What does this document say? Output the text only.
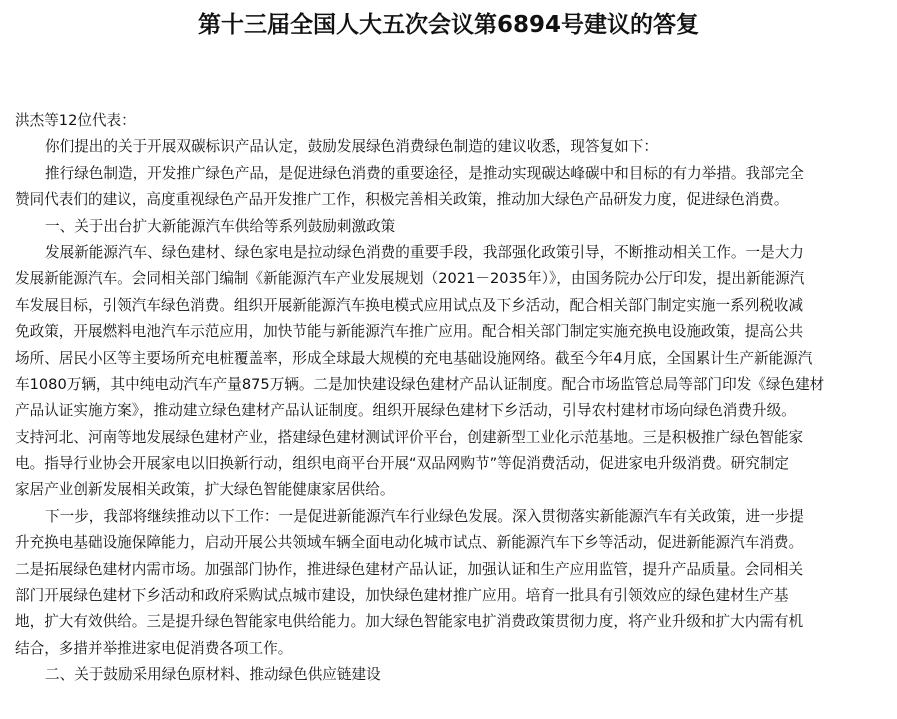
第十三届全国人大五次会议第6894号建议的答复
洪杰等12位代表：
你们提出的关于开展双碳标识产品认定，鼓励发展绿色消费绿色制造的建议收悉，现答复如下：
推行绿色制造，开发推广绿色产品，是促进绿色消费的重要途径，是推动实现碳达峰碳中和目标的有力举措。我部完全
赞同代表们的建议，高度重视绿色产品开发推广工作，积极完善相关政策，推动加大绿色产品研发力度，促进绿色消费。
一、关于出台扩大新能源汽车供给等系列鼓励刺激政策
发展新能源汽车、绿色建材、绿色家电是拉动绿色消费的重要手段，我部强化政策引导，不断推动相关工作。一是大力
发展新能源汽车。会同相关部门编制《新能源汽车产业发展规划（2021－2035年）》，由国务院办公厅印发，提出新能源汽
车发展目标，引领汽车绿色消费。组织开展新能源汽车换电模式应用试点及下乡活动，配合相关部门制定实施一系列税收减
免政策，开展燃料电池汽车示范应用，加快节能与新能源汽车推广应用。配合相关部门制定实施充换电设施政策，提高公共
场所、居民小区等主要场所充电桩覆盖率，形成全球最大规模的充电基础设施网络。截至今年4月底，全国累计生产新能源汽
车1080万辆，其中纯电动汽车产量875万辆。二是加快建设绿色建材产品认证制度。配合市场监管总局等部门印发《绿色建材
产品认证实施方案》，推动建立绿色建材产品认证制度。组织开展绿色建材下乡活动，引导农村建材市场向绿色消费升级。
支持河北、河南等地发展绿色建材产业，搭建绿色建材测试评价平台，创建新型工业化示范基地。三是积极推广绿色智能家
电。指导行业协会开展家电以旧换新行动，组织电商平台开展“双品网购节”等促消费活动，促进家电升级消费。研究制定
家居产业创新发展相关政策，扩大绿色智能健康家居供给。
下一步，我部将继续推动以下工作：一是促进新能源汽车行业绿色发展。深入贯彻落实新能源汽车有关政策，进一步提
升充换电基础设施保障能力，启动开展公共领域车辆全面电动化城市试点、新能源汽车下乡等活动，促进新能源汽车消费。
二是拓展绿色建材内需市场。加强部门协作，推进绿色建材产品认证，加强认证和生产应用监管，提升产品质量。会同相关
部门开展绿色建材下乡活动和政府采购试点城市建设，加快绿色建材推广应用。培育一批具有引领效应的绿色建材生产基
地，扩大有效供给。三是提升绿色智能家电供给能力。加大绿色智能家电扩消费政策贯彻力度，将产业升级和扩大内需有机
结合，多措并举推进家电促消费各项工作。
二、关于鼓励采用绿色原材料、推动绿色供应链建设
